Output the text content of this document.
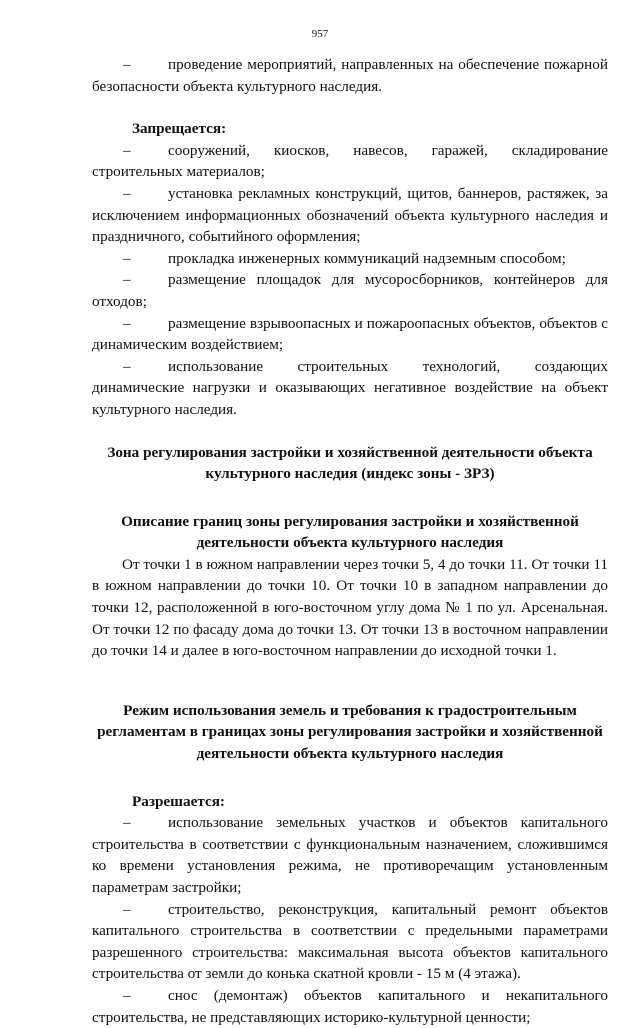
957

– проведение мероприятий, направленных на обеспечение пожарной безопасности объекта культурного наследия.

Запрещается:

– сооружений, киосков, навесов, гаражей, складирование строительных материалов;

– установка рекламных конструкций, щитов, баннеров, растяжек, за исключением информационных обозначений объекта культурного наследия и праздничного, событийного оформления;

– прокладка инженерных коммуникаций надземным способом;

– размещение площадок для мусоросборников, контейнеров для отходов;

– размещение взрывоопасных и пожароопасных объектов, объектов с динамическим воздействием;

– использование строительных технологий, создающих динамические нагрузки и оказывающих негативное воздействие на объект культурного наследия.

Зона регулирования застройки и хозяйственной деятельности объекта культурного наследия (индекс зоны - ЗРЗ)

Описание границ зоны регулирования застройки и хозяйственной деятельности объекта культурного наследия

От точки 1 в южном направлении через точки 5, 4 до точки 11. От точки 11 в южном направлении до точки 10. От точки 10 в западном направлении до точки 12, расположенной в юго-восточном углу дома № 1 по ул. Арсенальная. От точки 12 по фасаду дома до точки 13. От точки 13 в восточном направлении до точки 14 и далее в юго-восточном направлении до исходной точки 1.

Режим использования земель и требования к градостроительным регламентам в границах зоны регулирования застройки и хозяйственной деятельности объекта культурного наследия

Разрешается:

– использование земельных участков и объектов капитального строительства в соответствии с функциональным назначением, сложившимся ко времени установления режима, не противоречащим установленным параметрам застройки;

– строительство, реконструкция, капитальный ремонт объектов капитального строительства в соответствии с предельными параметрами разрешенного строительства: максимальная высота объектов капитального строительства от земли до конька скатной кровли - 15 м (4 этажа).

– снос (демонтаж) объектов капитального и некапитального строительства, не представляющих историко-культурной ценности;
